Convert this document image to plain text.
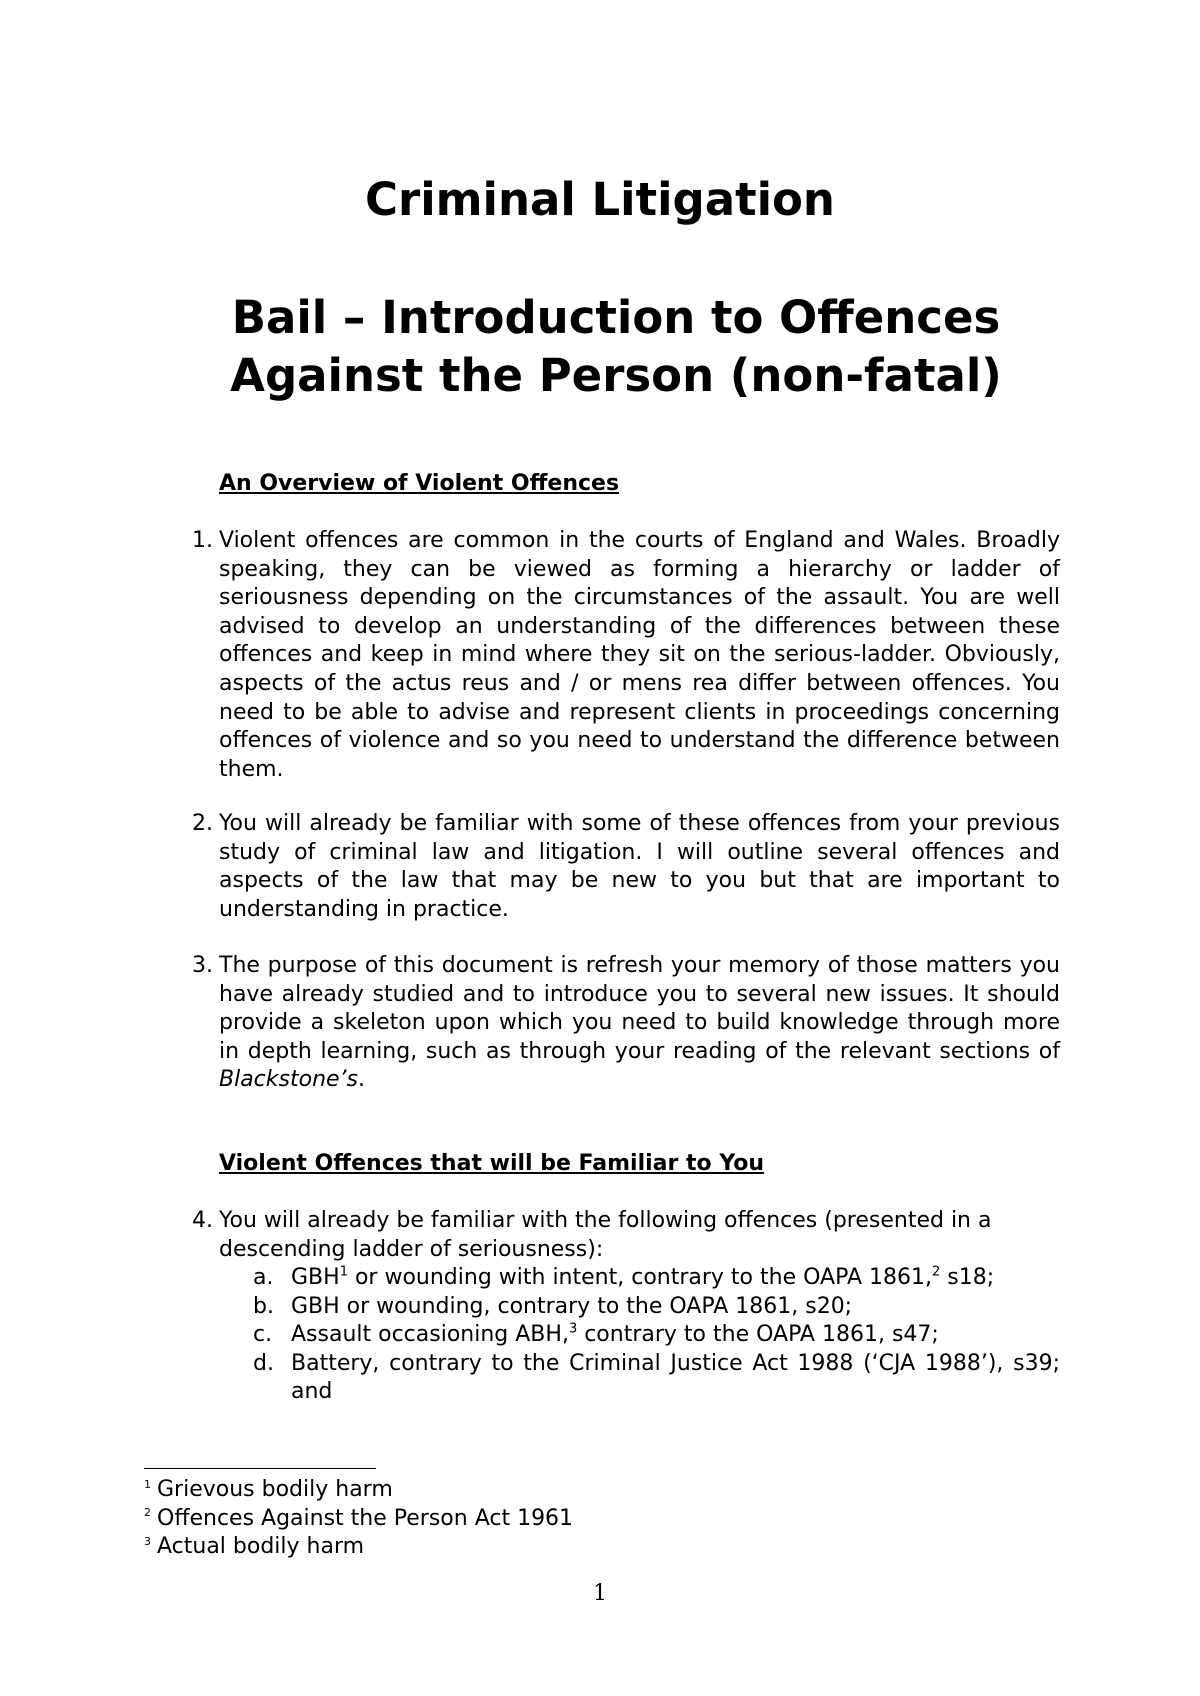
Criminal Litigation
Bail – Introduction to Offences Against the Person (non-fatal)
An Overview of Violent Offences
1. Violent offences are common in the courts of England and Wales. Broadly speaking, they can be viewed as forming a hierarchy or ladder of seriousness depending on the circumstances of the assault. You are well advised to develop an understanding of the differences between these offences and keep in mind where they sit on the serious-ladder. Obviously, aspects of the actus reus and / or mens rea differ between offences. You need to be able to advise and represent clients in proceedings concerning offences of violence and so you need to understand the difference between them.
2. You will already be familiar with some of these offences from your previous study of criminal law and litigation. I will outline several offences and aspects of the law that may be new to you but that are important to understanding in practice.
3. The purpose of this document is refresh your memory of those matters you have already studied and to introduce you to several new issues. It should provide a skeleton upon which you need to build knowledge through more in depth learning, such as through your reading of the relevant sections of Blackstone’s.
Violent Offences that will be Familiar to You
4. You will already be familiar with the following offences (presented in a descending ladder of seriousness):
a. GBH$^1$ or wounding with intent, contrary to the OAPA 1861,$^2$ s18;
b. GBH or wounding, contrary to the OAPA 1861, s20;
c. Assault occasioning ABH,$^3$ contrary to the OAPA 1861, s47;
d. Battery, contrary to the Criminal Justice Act 1988 (‘CJA 1988’), s39; and
$^1$ Grievous bodily harm
$^2$ Offences Against the Person Act 1961
$^3$ Actual bodily harm
1
